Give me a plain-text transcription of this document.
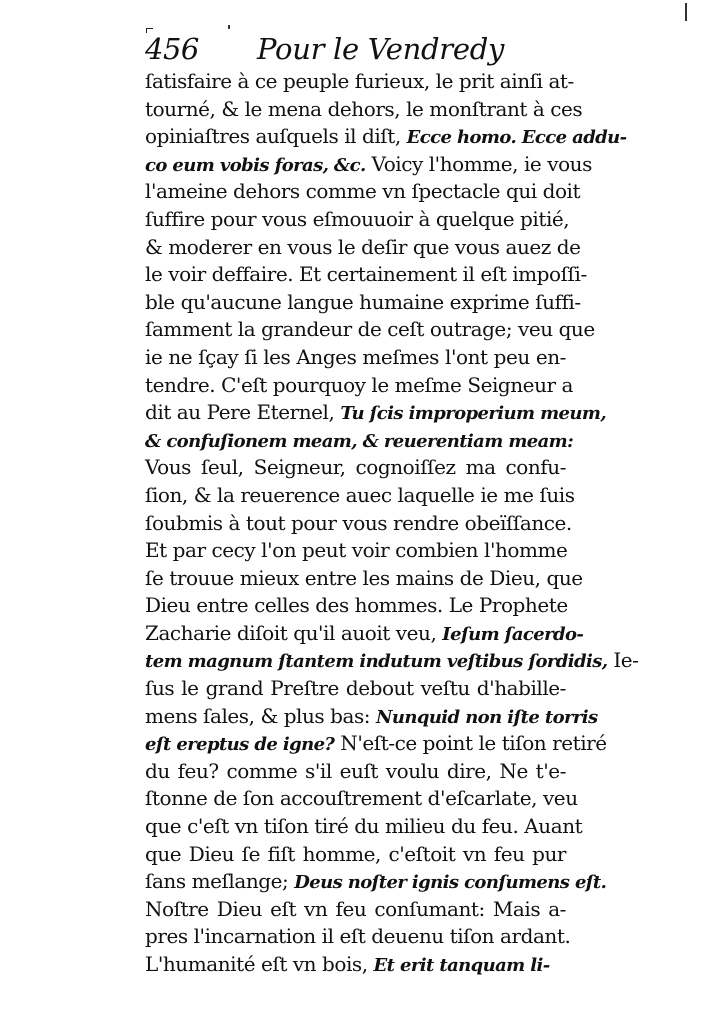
456 Pour le Vendredy
ſatisfaire à ce peuple furieux, le prit ainſi at-
tourné, & le mena dehors, le monſtrant à ces
opiniaſtres auſquels il diſt, Ecce homo. Ecce addu-
co eum vobis foras, &c. Voicy l'homme, ie vous
l'ameine dehors comme vn ſpectacle qui doit
ſuffire pour vous eſmouuoir à quelque pitié,
& moderer en vous le deſir que vous auez de
le voir deffaire. Et certainement il eſt impoſſi-
ble qu'aucune langue humaine exprime ſuffi-
ſamment la grandeur de ceſt outrage; veu que
ie ne ſçay ſi les Anges meſmes l'ont peu en-
tendre. C'eſt pourquoy le meſme Seigneur a
dit au Pere Eternel, Tu ſcis improperium meum,
& confuſionem meam, & reuerentiam meam:
Vous ſeul, Seigneur, cognoiſſez ma confu-
ſion, & la reuerence auec laquelle ie me ſuis
ſoubmis à tout pour vous rendre obeïſſance.
Et par cecy l'on peut voir combien l'homme
ſe trouue mieux entre les mains de Dieu, que
Dieu entre celles des hommes. Le Prophete
Zacharie diſoit qu'il auoit veu, Ieſum ſacerdo-
tem magnum ſtantem indutum veſtibus ſordidis, Ie-
ſus le grand Preſtre debout veſtu d'habille-
mens ſales, & plus bas: Nunquid non iſte torris
eſt ereptus de igne? N'eſt-ce point le tiſon retiré
du feu? comme s'il euſt voulu dire, Ne t'e-
ſtonne de ſon accouſtrement d'eſcarlate, veu
que c'eſt vn tiſon tiré du milieu du feu. Auant
que Dieu ſe fiſt homme, c'eſtoit vn feu pur
ſans meſlange; Deus noſter ignis conſumens eſt.
Noſtre Dieu eſt vn feu conſumant: Mais a-
pres l'incarnation il eſt deuenu tiſon ardant.
L'humanité eſt vn bois, Et erit tanquam li-
